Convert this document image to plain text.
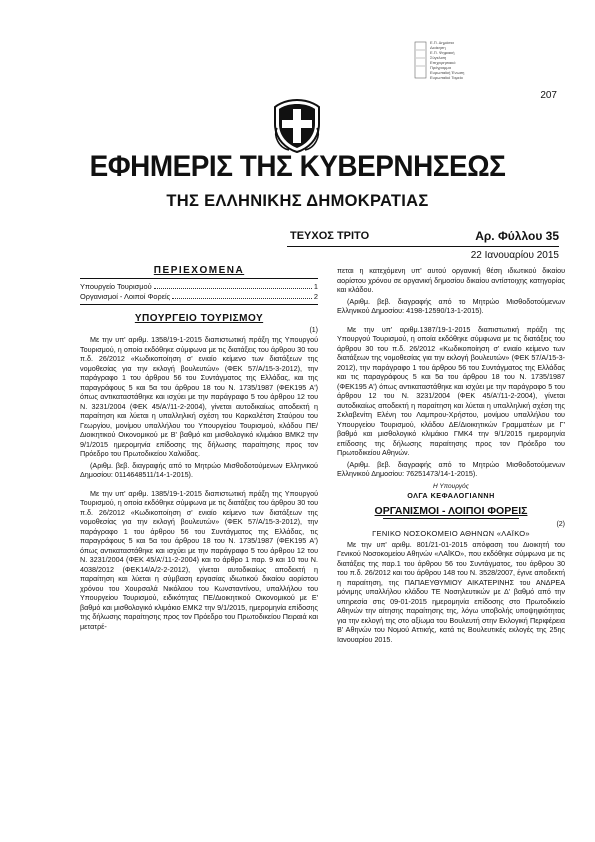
207
Ε.Π. Δημόσια
Διοίκηση
Ε.Π. Ψηφιακή
Σύγκλιση
Επιχειρησιακό
Πρόγραμμα
Ευρωπαϊκή Ένωση
Ευρωπαϊκό Ταμείο
ΕΦΗΜΕΡΙΣ ΤΗΣ ΚΥΒΕΡΝΗΣΕΩΣ
ΤΗΣ ΕΛΛΗΝΙΚΗΣ ΔΗΜΟΚΡΑΤΙΑΣ
ΤΕΥΧΟΣ ΤΡΙΤΟ	Αρ. Φύλλου 35
22 Ιανουαρίου 2015
ΠΕΡΙΕΧΟΜΕΝΑ
Υπουργείο Τουρισμού	1
Οργανισμοί - Λοιποί Φορείς	2
ΥΠΟΥΡΓΕΙΟ ΤΟΥΡΙΣΜΟΥ
(1)

Με την υπ' αριθμ. 1358/19-1-2015 διαπιστωτική πράξη της Υπουργού Τουρισμού, η οποία εκδόθηκε σύμφωνα με τις διατάξεις του άρθρου 30 του π.δ. 26/2012 «Κωδικοποίηση σ' ενιαίο κείμενο των διατάξεων της νομοθεσίας για την εκλογή βουλευτών» (ΦΕΚ 57/Α/15-3-2012), την παράγραφο 1 του άρθρου 56 του Συντάγματος της Ελλάδας, και της παραγράφους 5 και 5α του άρθρου 18 του Ν. 1735/1987 (ΦΕΚ195 Α') όπως αντικαταστάθηκε και ισχύει με την παράγραφο 5 του άρθρου 12 του Ν. 3231/2004 (ΦΕΚ 45/Α'/11-2-2004), γίνεται αυτοδικαίως αποδεκτή η παραίτηση και λύεται η υπαλληλική σχέση του Καρκαλέτση Σταύρου του Γεωργίου, μονίμου υπαλλήλου του Υπουργείου Τουρισμού, κλάδου ΠΕ/Διοικητικού Οικονομικού με Β' βαθμό και μισθολογικό κλιμάκιο ΒΜΚ2 την 9/1/2015 ημερομηνία επίδοσης της δήλωσης παραίτησης προς τον Πρόεδρο του Πρωτοδικείου Χαλκίδας.

(Αριθμ. βεβ. διαγραφής από το Μητρώο Μισθοδοτούμενων Ελληνικού Δημοσίου: 0114648511/14-1-2015).

Με την υπ' αριθμ. 1385/19-1-2015 διαπιστωτική πράξη της Υπουργού Τουρισμού, η οποία εκδόθηκε σύμφωνα με τις διατάξεις του άρθρου 30 του π.δ. 26/2012 «Κωδικοποίηση σ' ενιαίο κείμενο των διατάξεων της νομοθεσίας για την εκλογή βουλευτών» (ΦΕΚ 57/Α/15-3-2012), την παράγραφο 1 του άρθρου 56 του Συντάγματος της Ελλάδας, τις παραγράφους 5 και 5α του άρθρου 18 του Ν. 1735/1987 (ΦΕΚ195 Α') όπως αντικαταστάθηκε και ισχύει με την παράγραφο 5 του άρθρου 12 του Ν. 3231/2004 (ΦΕΚ 45/Α'/11-2-2004) και το άρθρο 1 παρ. 9 και 10 του Ν. 4038/2012 (ΦΕΚ14/Α/2-2-2012), γίνεται αυτοδικαίως αποδεκτή η παραίτηση και λύεται η σύμβαση εργασίας ιδιωτικού δικαίου αορίστου χρόνου του Χουρσαλά Νικόλαου του Κωνσταντίνου, υπαλλήλου του Υπουργείου Τουρισμού, ειδικότητας ΠΕ/Διοικητικού Οικονομικού με Ε' βαθμό και μισθολογικό κλιμάκιο ΕΜΚ2 την 9/1/2015, ημερομηνία επίδοσης της δήλωσης παραίτησης προς τον Πρόεδρο του Πρωτοδικείου Πειραιά και μετατρέ-

πεται η κατεχόμενη υπ' αυτού οργανική θέση ιδιωτικού δικαίου αορίστου χρόνου σε οργανική δημοσίου δικαίου αντίστοιχης κατηγορίας και κλάδου.

(Αριθμ. βεβ. διαγραφής από το Μητρώο Μισθοδοτούμενων Ελληνικού Δημοσίου: 4198-12590/13-1-2015).

Με την υπ' αριθμ.1387/19-1-2015 διαπιστωτική πράξη της Υπουργού Τουρισμού, η οποία εκδόθηκε σύμφωνα με τις διατάξεις του άρθρου 30 του π.δ. 26/2012 «Κωδικοποίηση σ' ενιαίο κείμενο των διατάξεων της νομοθεσίας για την εκλογή βουλευτών» (ΦΕΚ 57/Α/15-3-2012), την παράγραφο 1 του άρθρου 56 του Συντάγματος της Ελλάδας και τις παραγράφους 5 και 5α του άρθρου 18 του Ν. 1735/1987 (ΦΕΚ195 Α') όπως αντικαταστάθηκε και ισχύει με την παράγραφο 5 του άρθρου 12 του Ν. 3231/2004 (ΦΕΚ 45/Α'/11-2-2004), γίνεται αυτοδικαίως αποδεκτή η παραίτηση και λύεται η υπαλληλική σχέση της Σκλαβενίτη Ελένη του Λαμπρου-Χρήστου, μονίμου υπαλλήλου του Υπουργείου Τουρισμού, κλάδου ΔΕ/Διοικητικών Γραμματέων με Γ' βαθμό και μισθολογικό κλιμάκιο ΓΜΚ4 την 9/1/2015 ημερομηνία επίδοσης της δήλωσης παραίτησης προς τον Πρόεδρο του Πρωτοδικείου Αθηνών.

(Αριθμ. βεβ. διαγραφής από το Μητρώο Μισθοδοτούμενων Ελληνικού Δημοσίου: 76251473/14-1-2015).

Η Υπουργός
ΟΛΓΑ ΚΕΦΑΛΟΓΙΑΝΝΗ
ΟΡΓΑΝΙΣΜΟΙ - ΛΟΙΠΟΙ ΦΟΡΕΙΣ
(2)
ΓΕΝΙΚΟ ΝΟΣΟΚΟΜΕΙΟ ΑΘΗΝΩΝ «ΛΑΪΚΟ»

Με την υπ' αριθμ. 801/21-01-2015 απόφαση του Διοικητή του Γενικού Νοσοκομείου Αθηνών «ΛΑΪΚΟ», που εκδόθηκε σύμφωνα με τις διατάξεις της παρ.1 του άρθρου 56 του Συντάγματος, του άρθρου 30 του π.δ. 26/2012 και του άρθρου 148 του Ν. 3528/2007, έγινε αποδεκτή η παραίτηση, της ΠΑΠΑΕΥΘΥΜΙΟΥ ΑΙΚΑΤΕΡΙΝΗΣ του ΑΝΔΡΕΑ μόνιμης υπαλλήλου κλάδου ΤΕ Νοσηλευτικών με Δ' βαθμό από την υπηρεσία στις 09-01-2015 ημερομηνία επίδοσης στο Πρωτοδικείο Αθηνών την αίτησης παραίτησης της, λόγω υποβολής υποψηφιότητας για την εκλογή της στο αξίωμα του Βουλευτή στην Εκλογική Περιφέρεια Β' Αθηνών του Νομού Αττικής, κατά τις Βουλευτικές εκλογές της 25ης Ιανουαρίου 2015.
